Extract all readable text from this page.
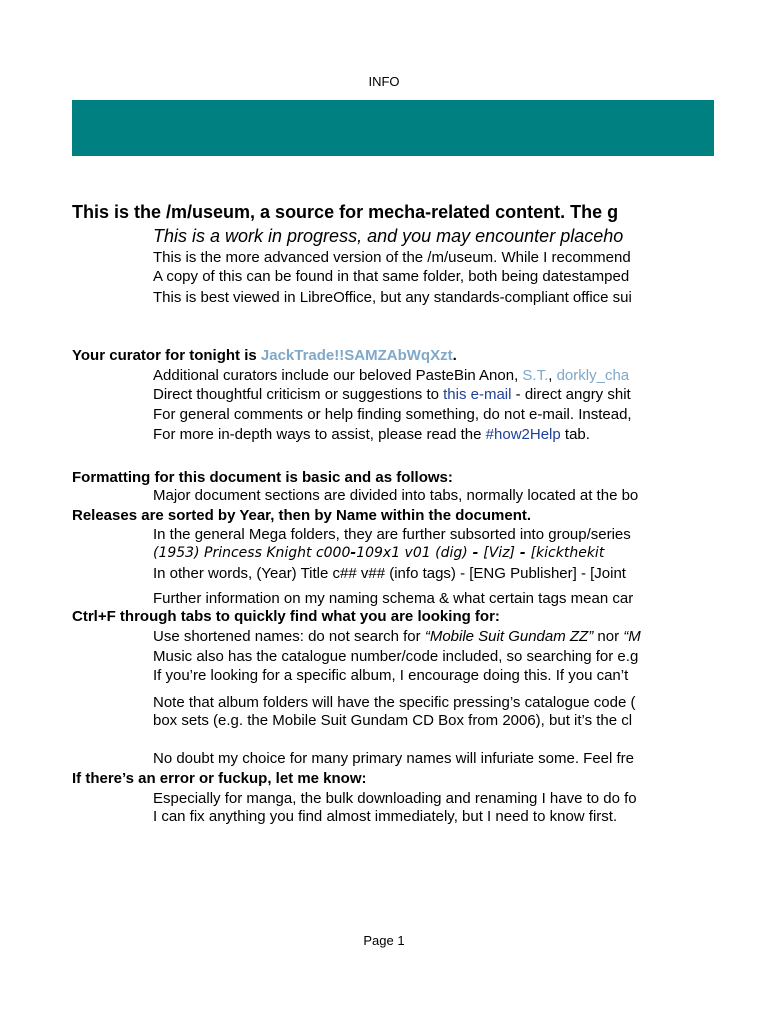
INFO
This is the /m/useum, a source for mecha-related content. The g
This is a work in progress, and you may encounter placeho
This is the more advanced version of the /m/useum. While I recommend
A copy of this can be found in that same folder, both being datestamped
This is best viewed in LibreOffice, but any standards-compliant office sui
Your curator for tonight is JackTrade!!SAMZAbWqXzt.
Additional curators include our beloved PasteBin Anon, S.T., dorkly_cha
Direct thoughtful criticism or suggestions to this e-mail - direct angry shit
For general comments or help finding something, do not e-mail. Instead,
For more in-depth ways to assist, please read the #how2Help tab.
Formatting for this document is basic and as follows:
Major document sections are divided into tabs, normally located at the bo
Releases are sorted by Year, then by Name within the document.
In the general Mega folders, they are further subsorted into group/series
(1953) Princess Knight c000-109x1 v01 (dig) - [Viz] - [kickthekit
In other words, (Year) Title c## v## (info tags) - [ENG Publisher] - [Joint
Further information on my naming schema & what certain tags mean car
Ctrl+F through tabs to quickly find what you are looking for:
Use shortened names: do not search for “Mobile Suit Gundam ZZ” nor “M
Music also has the catalogue number/code included, so searching for e.g
If you’re looking for a specific album, I encourage doing this. If you can’t
Note that album folders will have the specific pressing’s catalogue code (
box sets (e.g. the Mobile Suit Gundam CD Box from 2006), but it’s the cl
No doubt my choice for many primary names will infuriate some. Feel fre
If there’s an error or fuckup, let me know:
Especially for manga, the bulk downloading and renaming I have to do fo
I can fix anything you find almost immediately, but I need to know first.
Page 1
